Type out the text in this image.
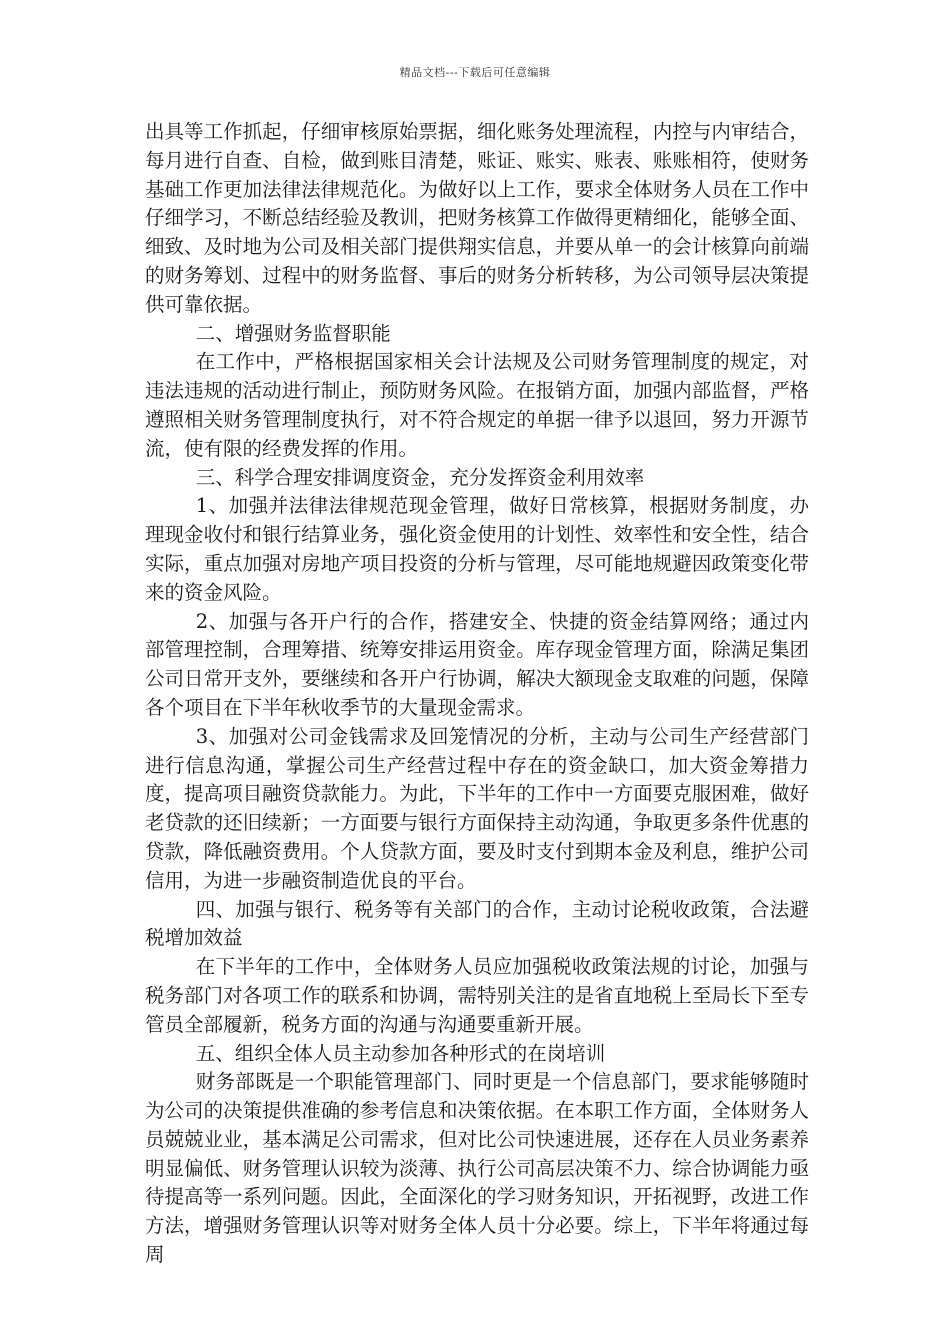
精品文档---下载后可任意编辑

出具等工作抓起，仔细审核原始票据，细化账务处理流程，内控与内审结合，每月进行自查、自检，做到账目清楚，账证、账实、账表、账账相符，使财务基础工作更加法律法律规范化。为做好以上工作，要求全体财务人员在工作中仔细学习，不断总结经验及教训，把财务核算工作做得更精细化，能够全面、细致、及时地为公司及相关部门提供翔实信息，并要从单一的会计核算向前端的财务筹划、过程中的财务监督、事后的财务分析转移，为公司领导层决策提供可靠依据。

二、增强财务监督职能

在工作中，严格根据国家相关会计法规及公司财务管理制度的规定，对违法违规的活动进行制止，预防财务风险。在报销方面，加强内部监督，严格遵照相关财务管理制度执行，对不符合规定的单据一律予以退回，努力开源节流，使有限的经费发挥的作用。

三、科学合理安排调度资金，充分发挥资金利用效率

1、加强并法律法律规范现金管理，做好日常核算，根据财务制度，办理现金收付和银行结算业务，强化资金使用的计划性、效率性和安全性，结合实际，重点加强对房地产项目投资的分析与管理，尽可能地规避因政策变化带来的资金风险。

2、加强与各开户行的合作，搭建安全、快捷的资金结算网络；通过内部管理控制，合理筹措、统筹安排运用资金。库存现金管理方面，除满足集团公司日常开支外，要继续和各开户行协调，解决大额现金支取难的问题，保障各个项目在下半年秋收季节的大量现金需求。

3、加强对公司金钱需求及回笼情况的分析，主动与公司生产经营部门进行信息沟通，掌握公司生产经营过程中存在的资金缺口，加大资金筹措力度，提高项目融资贷款能力。为此，下半年的工作中一方面要克服困难，做好老贷款的还旧续新；一方面要与银行方面保持主动沟通，争取更多条件优惠的贷款，降低融资费用。个人贷款方面，要及时支付到期本金及利息，维护公司信用，为进一步融资制造优良的平台。

四、加强与银行、税务等有关部门的合作，主动讨论税收政策，合法避税增加效益

在下半年的工作中，全体财务人员应加强税收政策法规的讨论，加强与税务部门对各项工作的联系和协调，需特别关注的是省直地税上至局长下至专管员全部履新，税务方面的沟通与沟通要重新开展。

五、组织全体人员主动参加各种形式的在岗培训

财务部既是一个职能管理部门、同时更是一个信息部门，要求能够随时为公司的决策提供准确的参考信息和决策依据。在本职工作方面，全体财务人员兢兢业业，基本满足公司需求，但对比公司快速进展，还存在人员业务素养明显偏低、财务管理认识较为淡薄、执行公司高层决策不力、综合协调能力亟待提高等一系列问题。因此，全面深化的学习财务知识，开拓视野，改进工作方法，增强财务管理认识等对财务全体人员十分必要。综上，下半年将通过每周
